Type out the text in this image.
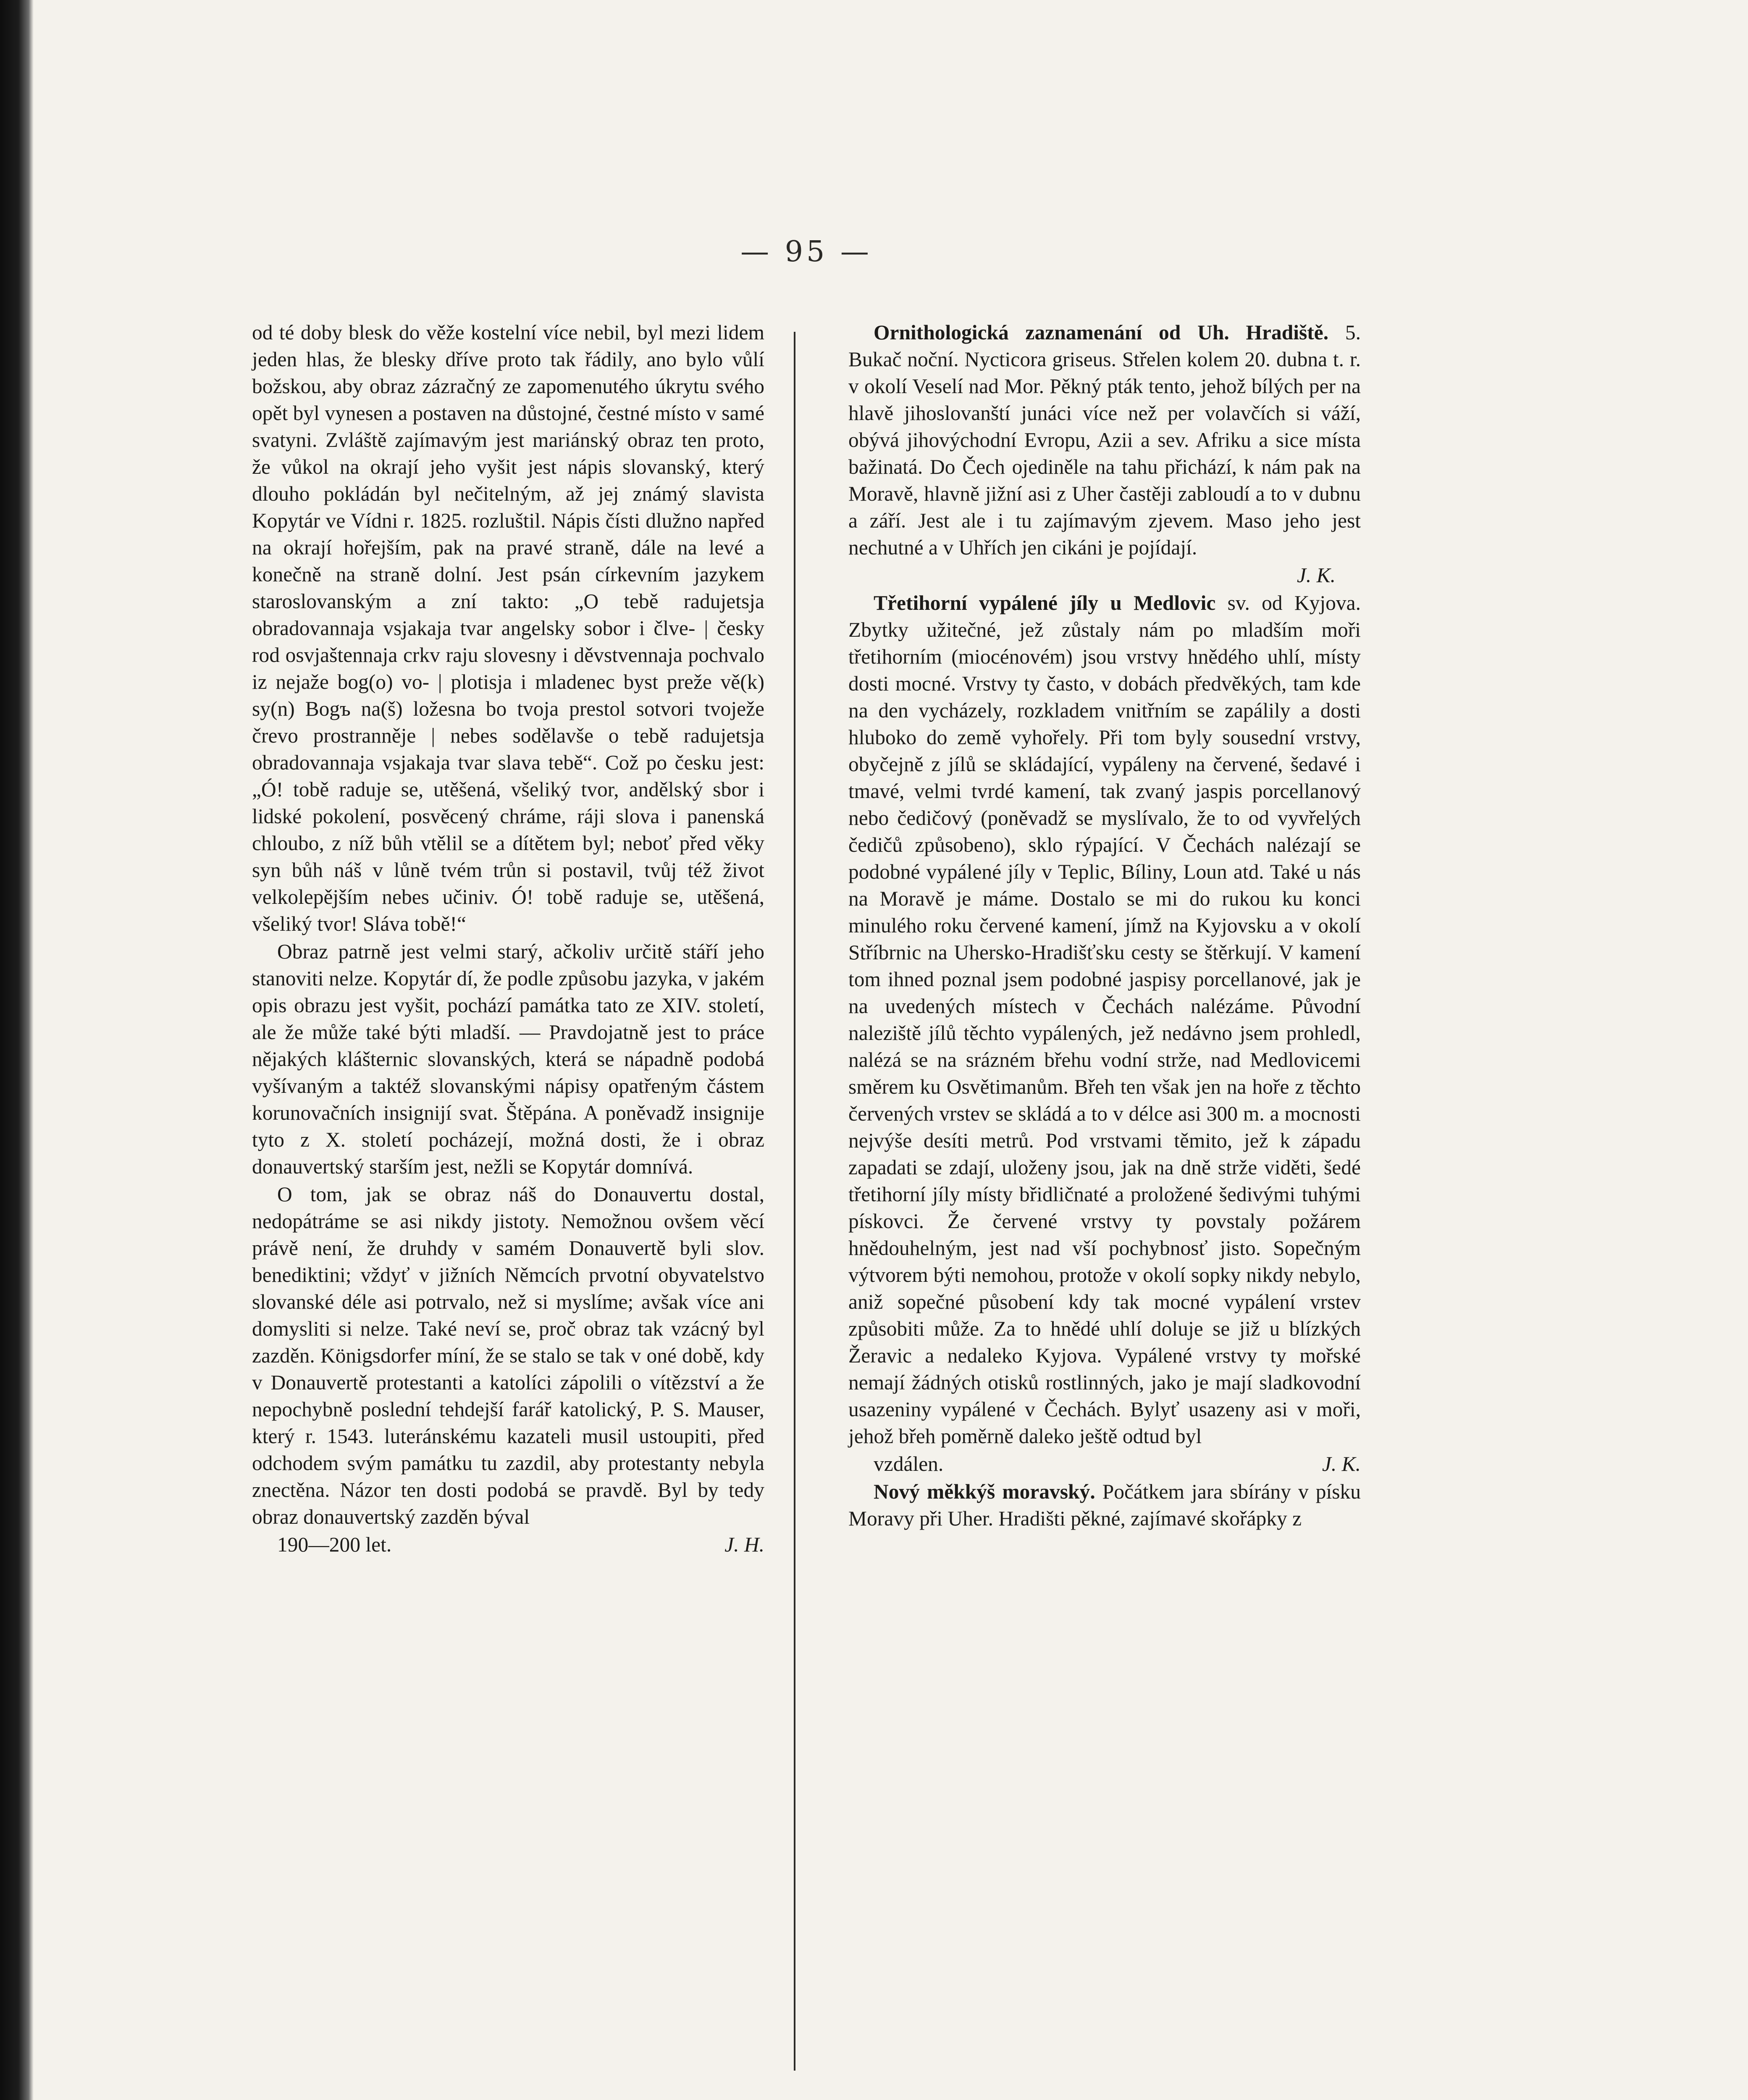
— 95 —

od té doby blesk do věže kostelní více nebil, byl mezi lidem jeden hlas, že blesky dříve proto tak řádily, ano bylo vůlí božskou, aby obraz zázračný ze zapomenutého úkrytu svého opět byl vynesen a postaven na důstojné, čestné místo v samé svatyni. Zvláště zajímavým jest mariánský obraz ten proto, že vůkol na okrají jeho vyšit jest nápis slovanský, který dlouho pokládán byl nečitelným, až jej známý slavista Kopytár ve Vídni r. 1825. rozluštil. Nápis čísti dlužno napřed na okrají hořejším, pak na pravé straně, dále na levé a konečně na straně dolní. Jest psán církevním jazykem staroslovanským a zní takto: „O tebě radujetsja obradovannaja vsjakaja tvar angelsky sobor i člve- | česky rod osvjaštennaja crkv raju slovesny i děvstvennaja pochvalo iz nejaže bog(o) vo- | plotisja i mladenec byst preže vě(k) sy(n) Bogъ na(š) ložesna bo tvoja prestol sotvori tvoježe črevo prostranněje | nebes sodělavše o tebě radujetsja obradovannaja vsjakaja tvar slava tebě“. Což po česku jest: „Ó! tobě raduje se, utěšená, všeliký tvor, andělský sbor i lidské pokolení, posvěcený chráme, ráji slova i panenská chloubo, z níž bůh vtělil se a dítětem byl; neboť před věky syn bůh náš v lůně tvém trůn si postavil, tvůj též život velkolepějším nebes učiniv. Ó! tobě raduje se, utěšená, všeliký tvor! Sláva tobě!“

Obraz patrně jest velmi starý, ačkoliv určitě stáří jeho stanoviti nelze. Kopytár dí, že podle způsobu jazyka, v jakém opis obrazu jest vyšit, pochází památka tato ze XIV. století, ale že může také býti mladší. — Pravdojatně jest to práce nějakých klášternic slovanských, která se nápadně podobá vyšívaným a taktéž slovanskými nápisy opatřeným částem korunovačních insignijí svat. Štěpána. A poněvadž insignije tyto z X. století pocházejí, možná dosti, že i obraz donauvertský starším jest, nežli se Kopytár domnívá.

O tom, jak se obraz náš do Donauvertu dostal, nedopátráme se asi nikdy jistoty. Nemožnou ovšem věcí právě není, že druhdy v samém Donauvertě byli slov. benediktini; vždyť v jižních Němcích prvotní obyvatelstvo slovanské déle asi potrvalo, než si myslíme; avšak více ani domysliti si nelze. Také neví se, proč obraz tak vzácný byl zazděn. Königsdorfer míní, že se stalo se tak v oné době, kdy v Donauvertě protestanti a katolíci zápolili o vítězství a že nepochybně poslední tehdejší farář katolický, P. S. Mauser, který r. 1543. luteránskému kazateli musil ustoupiti, před odchodem svým památku tu zazdil, aby protestanty nebyla znectěna. Názor ten dosti podobá se pravdě. Byl by tedy obraz donauvertský zazděn býval

190—200 let.	J. H.

Ornithologická zaznamenání od Uh. Hradiště. 5. Bukač noční. Nycticora griseus. Střelen kolem 20. dubna t. r. v okolí Veselí nad Mor. Pěkný pták tento, jehož bílých per na hlavě jihoslovanští junáci více než per volavčích si váží, obývá jihovýchodní Evropu, Azii a sev. Afriku a sice místa bažinatá. Do Čech ojediněle na tahu přichází, k nám pak na Moravě, hlavně jižní asi z Uher častěji zabloudí a to v dubnu a září. Jest ale i tu zajímavým zjevem. Maso jeho jest nechutné a v Uhřích jen cikáni je pojídají.

J. K.

Třetihorní vypálené jíly u Medlovic sv. od Kyjova. Zbytky užitečné, jež zůstaly nám po mladším moři třetihorním (miocénovém) jsou vrstvy hnědého uhlí, místy dosti mocné. Vrstvy ty často, v dobách předvěkých, tam kde na den vycházely, rozkladem vnitřním se zapálily a dosti hluboko do země vyhořely. Při tom byly sousední vrstvy, obyčejně z jílů se skládající, vypáleny na červené, šedavé i tmavé, velmi tvrdé kamení, tak zvaný jaspis porcellanový nebo čedičový (poněvadž se myslívalo, že to od vyvřelých čedičů způsobeno), sklo rýpající. V Čechách nalézají se podobné vypálené jíly v Teplic, Bíliny, Loun atd. Také u nás na Moravě je máme. Dostalo se mi do rukou ku konci minulého roku červené kamení, jímž na Kyjovsku a v okolí Stříbrnic na Uhersko-Hradišťsku cesty se štěrkují. V kamení tom ihned poznal jsem podobné jaspisy porcellanové, jak je na uvedených místech v Čechách nalézáme. Původní naleziště jílů těchto vypálených, jež nedávno jsem prohledl, nalézá se na srázném břehu vodní strže, nad Medlovicemi směrem ku Osvětimanům. Břeh ten však jen na hoře z těchto červených vrstev se skládá a to v délce asi 300 m. a mocnosti nejvýše desíti metrů. Pod vrstvami těmito, jež k západu zapadati se zdají, uloženy jsou, jak na dně strže viděti, šedé třetihorní jíly místy břidličnaté a proložené šedivými tuhými pískovci. Že červené vrstvy ty povstaly požárem hnědouhelným, jest nad vší pochybnosť jisto. Sopečným výtvorem býti nemohou, protože v okolí sopky nikdy nebylo, aniž sopečné působení kdy tak mocné vypálení vrstev způsobiti může. Za to hnědé uhlí doluje se již u blízkých Žeravic a nedaleko Kyjova. Vypálené vrstvy ty mořské nemají žádných otisků rostlinných, jako je mají sladkovodní usazeniny vypálené v Čechách. Bylyť usazeny asi v moři, jehož břeh poměrně daleko ještě odtud byl

vzdálen.	J. K.

Nový měkkýš moravský. Počátkem jara sbírány v písku Moravy při Uher. Hradišti pěkné, zajímavé skořápky z
